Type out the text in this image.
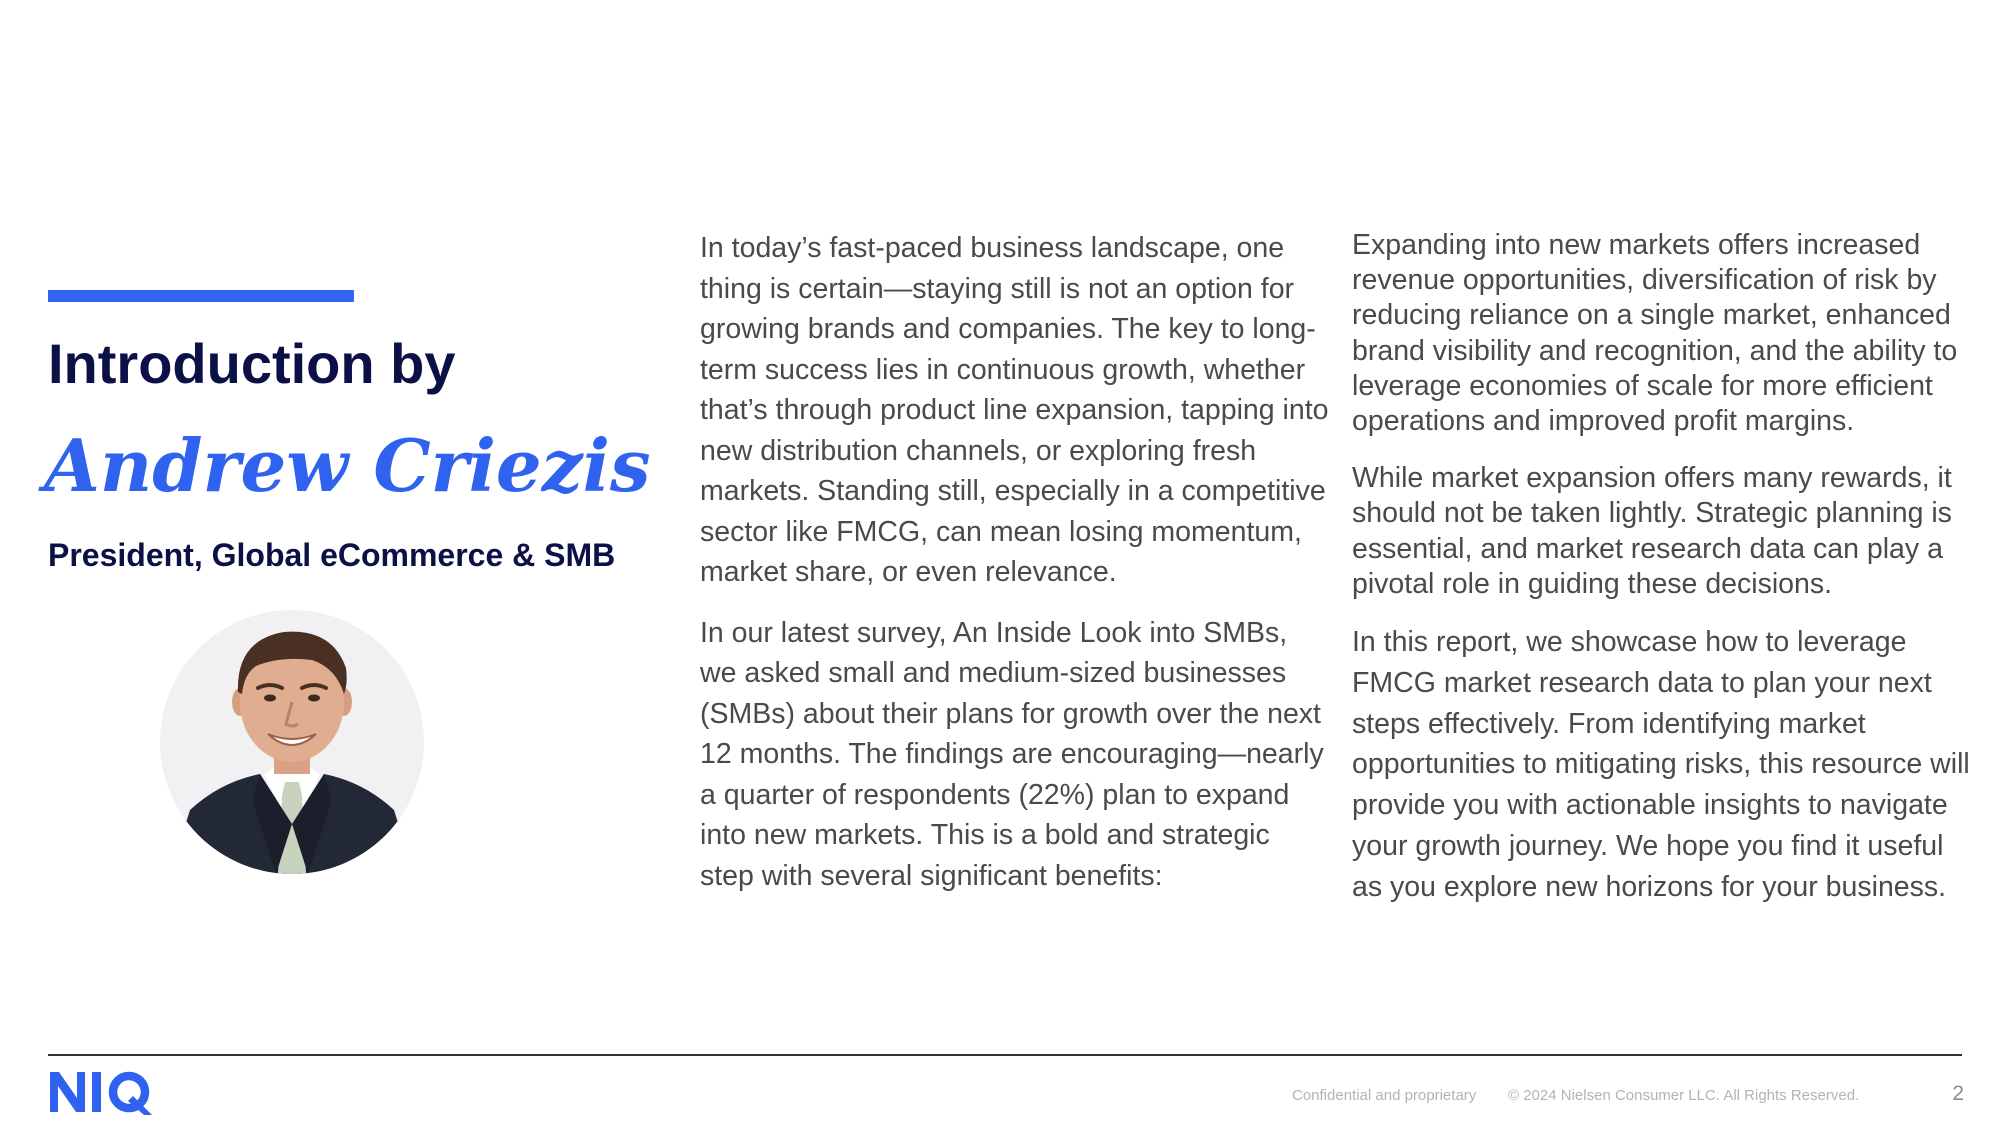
Introduction by
Andrew Criezis
President, Global eCommerce & SMB

In today’s fast-paced business landscape, one thing is certain—staying still is not an option for growing brands and companies. The key to long-term success lies in continuous growth, whether that’s through product line expansion, tapping into new distribution channels, or exploring fresh markets. Standing still, especially in a competitive sector like FMCG, can mean losing momentum, market share, or even relevance.

In our latest survey, An Inside Look into SMBs, we asked small and medium-sized businesses (SMBs) about their plans for growth over the next 12 months. The findings are encouraging—nearly a quarter of respondents (22%) plan to expand into new markets. This is a bold and strategic step with several significant benefits:

Expanding into new markets offers increased revenue opportunities, diversification of risk by reducing reliance on a single market, enhanced brand visibility and recognition, and the ability to leverage economies of scale for more efficient operations and improved profit margins.

While market expansion offers many rewards, it should not be taken lightly. Strategic planning is essential, and market research data can play a pivotal role in guiding these decisions.

In this report, we showcase how to leverage FMCG market research data to plan your next steps effectively. From identifying market opportunities to mitigating risks, this resource will provide you with actionable insights to navigate your growth journey. We hope you find it useful as you explore new horizons for your business.

Confidential and proprietary © 2024 Nielsen Consumer LLC. All Rights Reserved.	2
